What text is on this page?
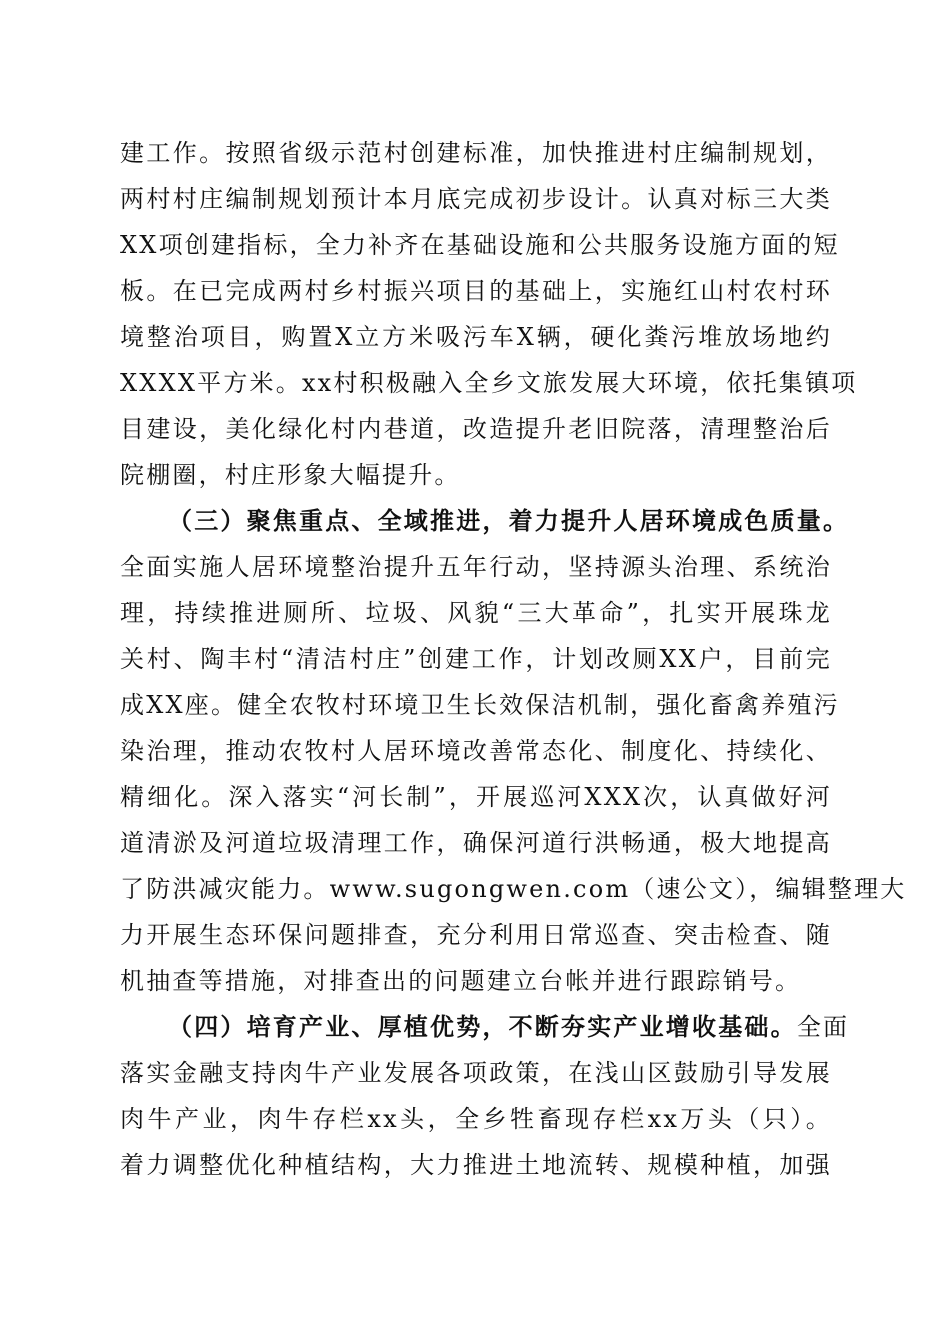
建工作。按照省级示范村创建标准，加快推进村庄编制规划，
两村村庄编制规划预计本月底完成初步设计。认真对标三大类
XX项创建指标，全力补齐在基础设施和公共服务设施方面的短
板。在已完成两村乡村振兴项目的基础上，实施红山村农村环
境整治项目，购置X立方米吸污车X辆，硬化粪污堆放场地约
XXXX平方米。xx村积极融入全乡文旅发展大环境，依托集镇项
目建设，美化绿化村内巷道，改造提升老旧院落，清理整治后
院棚圈，村庄形象大幅提升。
（三）聚焦重点、全域推进，着力提升人居环境成色质量。
全面实施人居环境整治提升五年行动，坚持源头治理、系统治
理，持续推进厕所、垃圾、风貌“三大革命”，扎实开展珠龙
关村、陶丰村“清洁村庄”创建工作，计划改厕XX户，目前完
成XX座。健全农牧村环境卫生长效保洁机制，强化畜禽养殖污
染治理，推动农牧村人居环境改善常态化、制度化、持续化、
精细化。深入落实“河长制”，开展巡河XXX次，认真做好河
道清淤及河道垃圾清理工作，确保河道行洪畅通，极大地提高
了防洪减灾能力。www.sugongwen.com（速公文），编辑整理大
力开展生态环保问题排查，充分利用日常巡查、突击检查、随
机抽查等措施，对排查出的问题建立台帐并进行跟踪销号。
（四）培育产业、厚植优势，不断夯实产业增收基础。全面
落实金融支持肉牛产业发展各项政策，在浅山区鼓励引导发展
肉牛产业，肉牛存栏xx头，全乡牲畜现存栏xx万头（只）。
着力调整优化种植结构，大力推进土地流转、规模种植，加强
